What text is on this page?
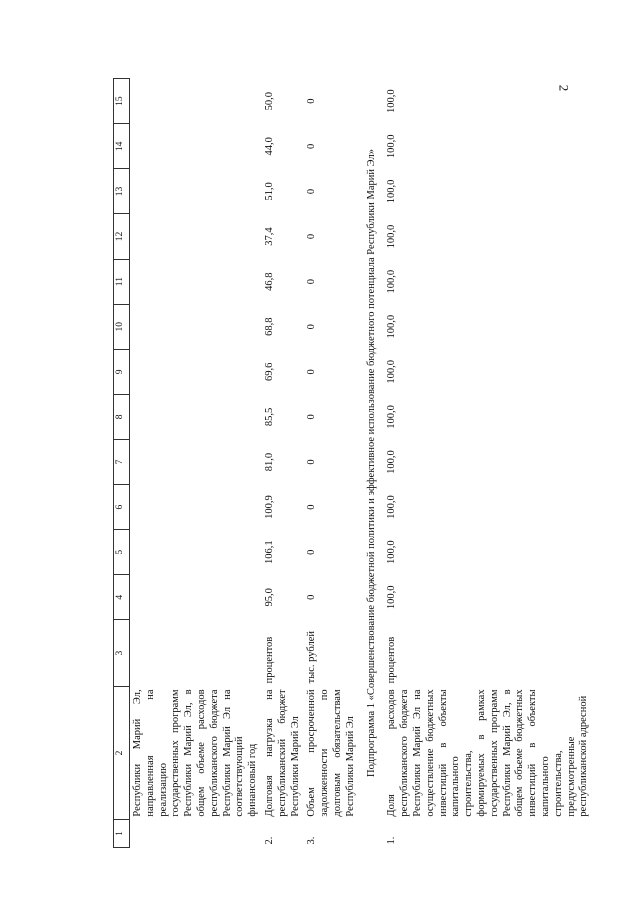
2
1	2	3	4	5	6	7	8	9	10	11	12	13	14	15
	Республики Марий Эл, направленная на реализацию государственных программ Республики Марий Эл, в общем объеме расходов республиканского бюджета Республики Марий Эл на соответствующий финансовый год													
2.	Долговая нагрузка на республиканский бюджет Республики Марий Эл	процентов	95,0	106,1	100,9	81,0	85,5	69,6	68,8	46,8	37,4	51,0	44,0	50,0
3.	Объем просроченной задолженности по долговым обязательствам Республики Марий Эл	тыс. рублей	0	0	0	0	0	0	0	0	0	0	0	0
Подпрограмма 1 «Совершенствование бюджетной политики и эффективное использование бюджетного потенциала Республики Марий Эл»														
1.	Доля расходов республиканского бюджета Республики Марий Эл на осуществление бюджетных инвестиций в объекты капитального строительства, формируемых в рамках государственных программ Республики Марий Эл, в общем объеме бюджетных инвестиций в объекты капитального строительства, предусмотренные республиканской адресной	процентов	100,0	100,0	100,0	100,0	100,0	100,0	100,0	100,0	100,0	100,0	100,0	100,0
